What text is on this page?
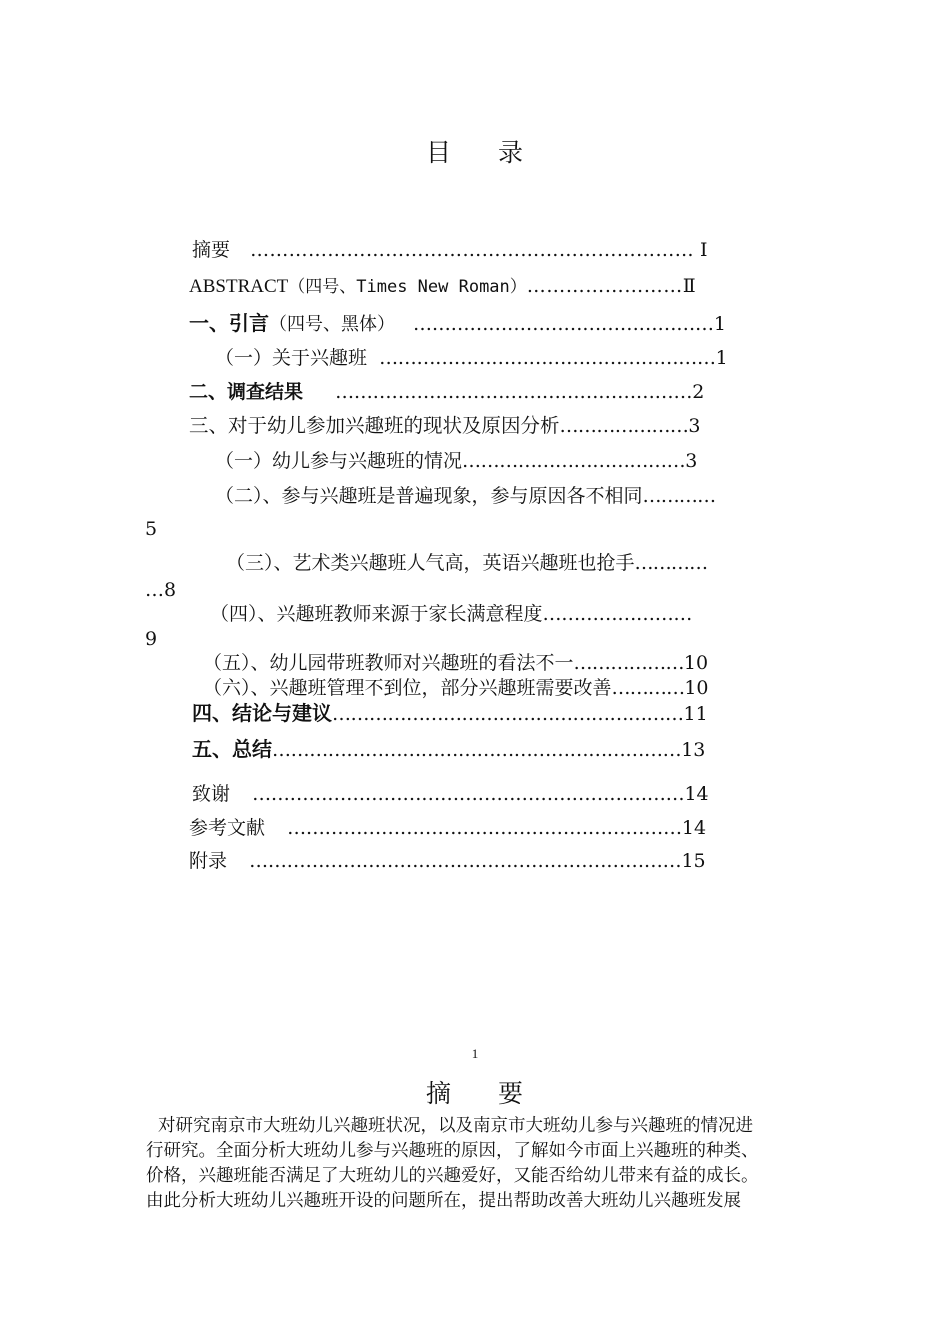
目 录
摘要 …………………………………………………………… Ⅰ
ABSTRACT（四号、Times New Roman）……………………Ⅱ
一、引言（四号、黑体） …………………………………………1
（一）关于兴趣班 ………………………………………………1
二、调查结果 …………………………………………………2
三、对于幼儿参加兴趣班的现状及原因分析…………………3
（一）幼儿参与兴趣班的情况………………………………3
（二）、参与兴趣班是普遍现象，参与原因各不相同…………
5
（三）、艺术类兴趣班人气高，英语兴趣班也抢手…………
…8
（四）、兴趣班教师来源于家长满意程度……………………
9
（五）、幼儿园带班教师对兴趣班的看法不一………………10
（六）、兴趣班管理不到位，部分兴趣班需要改善…………10
四、结论与建议…………………………………………………11
五、总结…………………………………………………………13
致谢 ……………………………………………………………14
参考文献 ………………………………………………………14
附录 ……………………………………………………………15
1
摘 要

对研究南京市大班幼儿兴趣班状况，以及南京市大班幼儿参与兴趣班的情况进

行研究。全面分析大班幼儿参与兴趣班的原因，了解如今市面上兴趣班的种类、

价格，兴趣班能否满足了大班幼儿的兴趣爱好，又能否给幼儿带来有益的成长。

由此分析大班幼儿兴趣班开设的问题所在，提出帮助改善大班幼儿兴趣班发展
